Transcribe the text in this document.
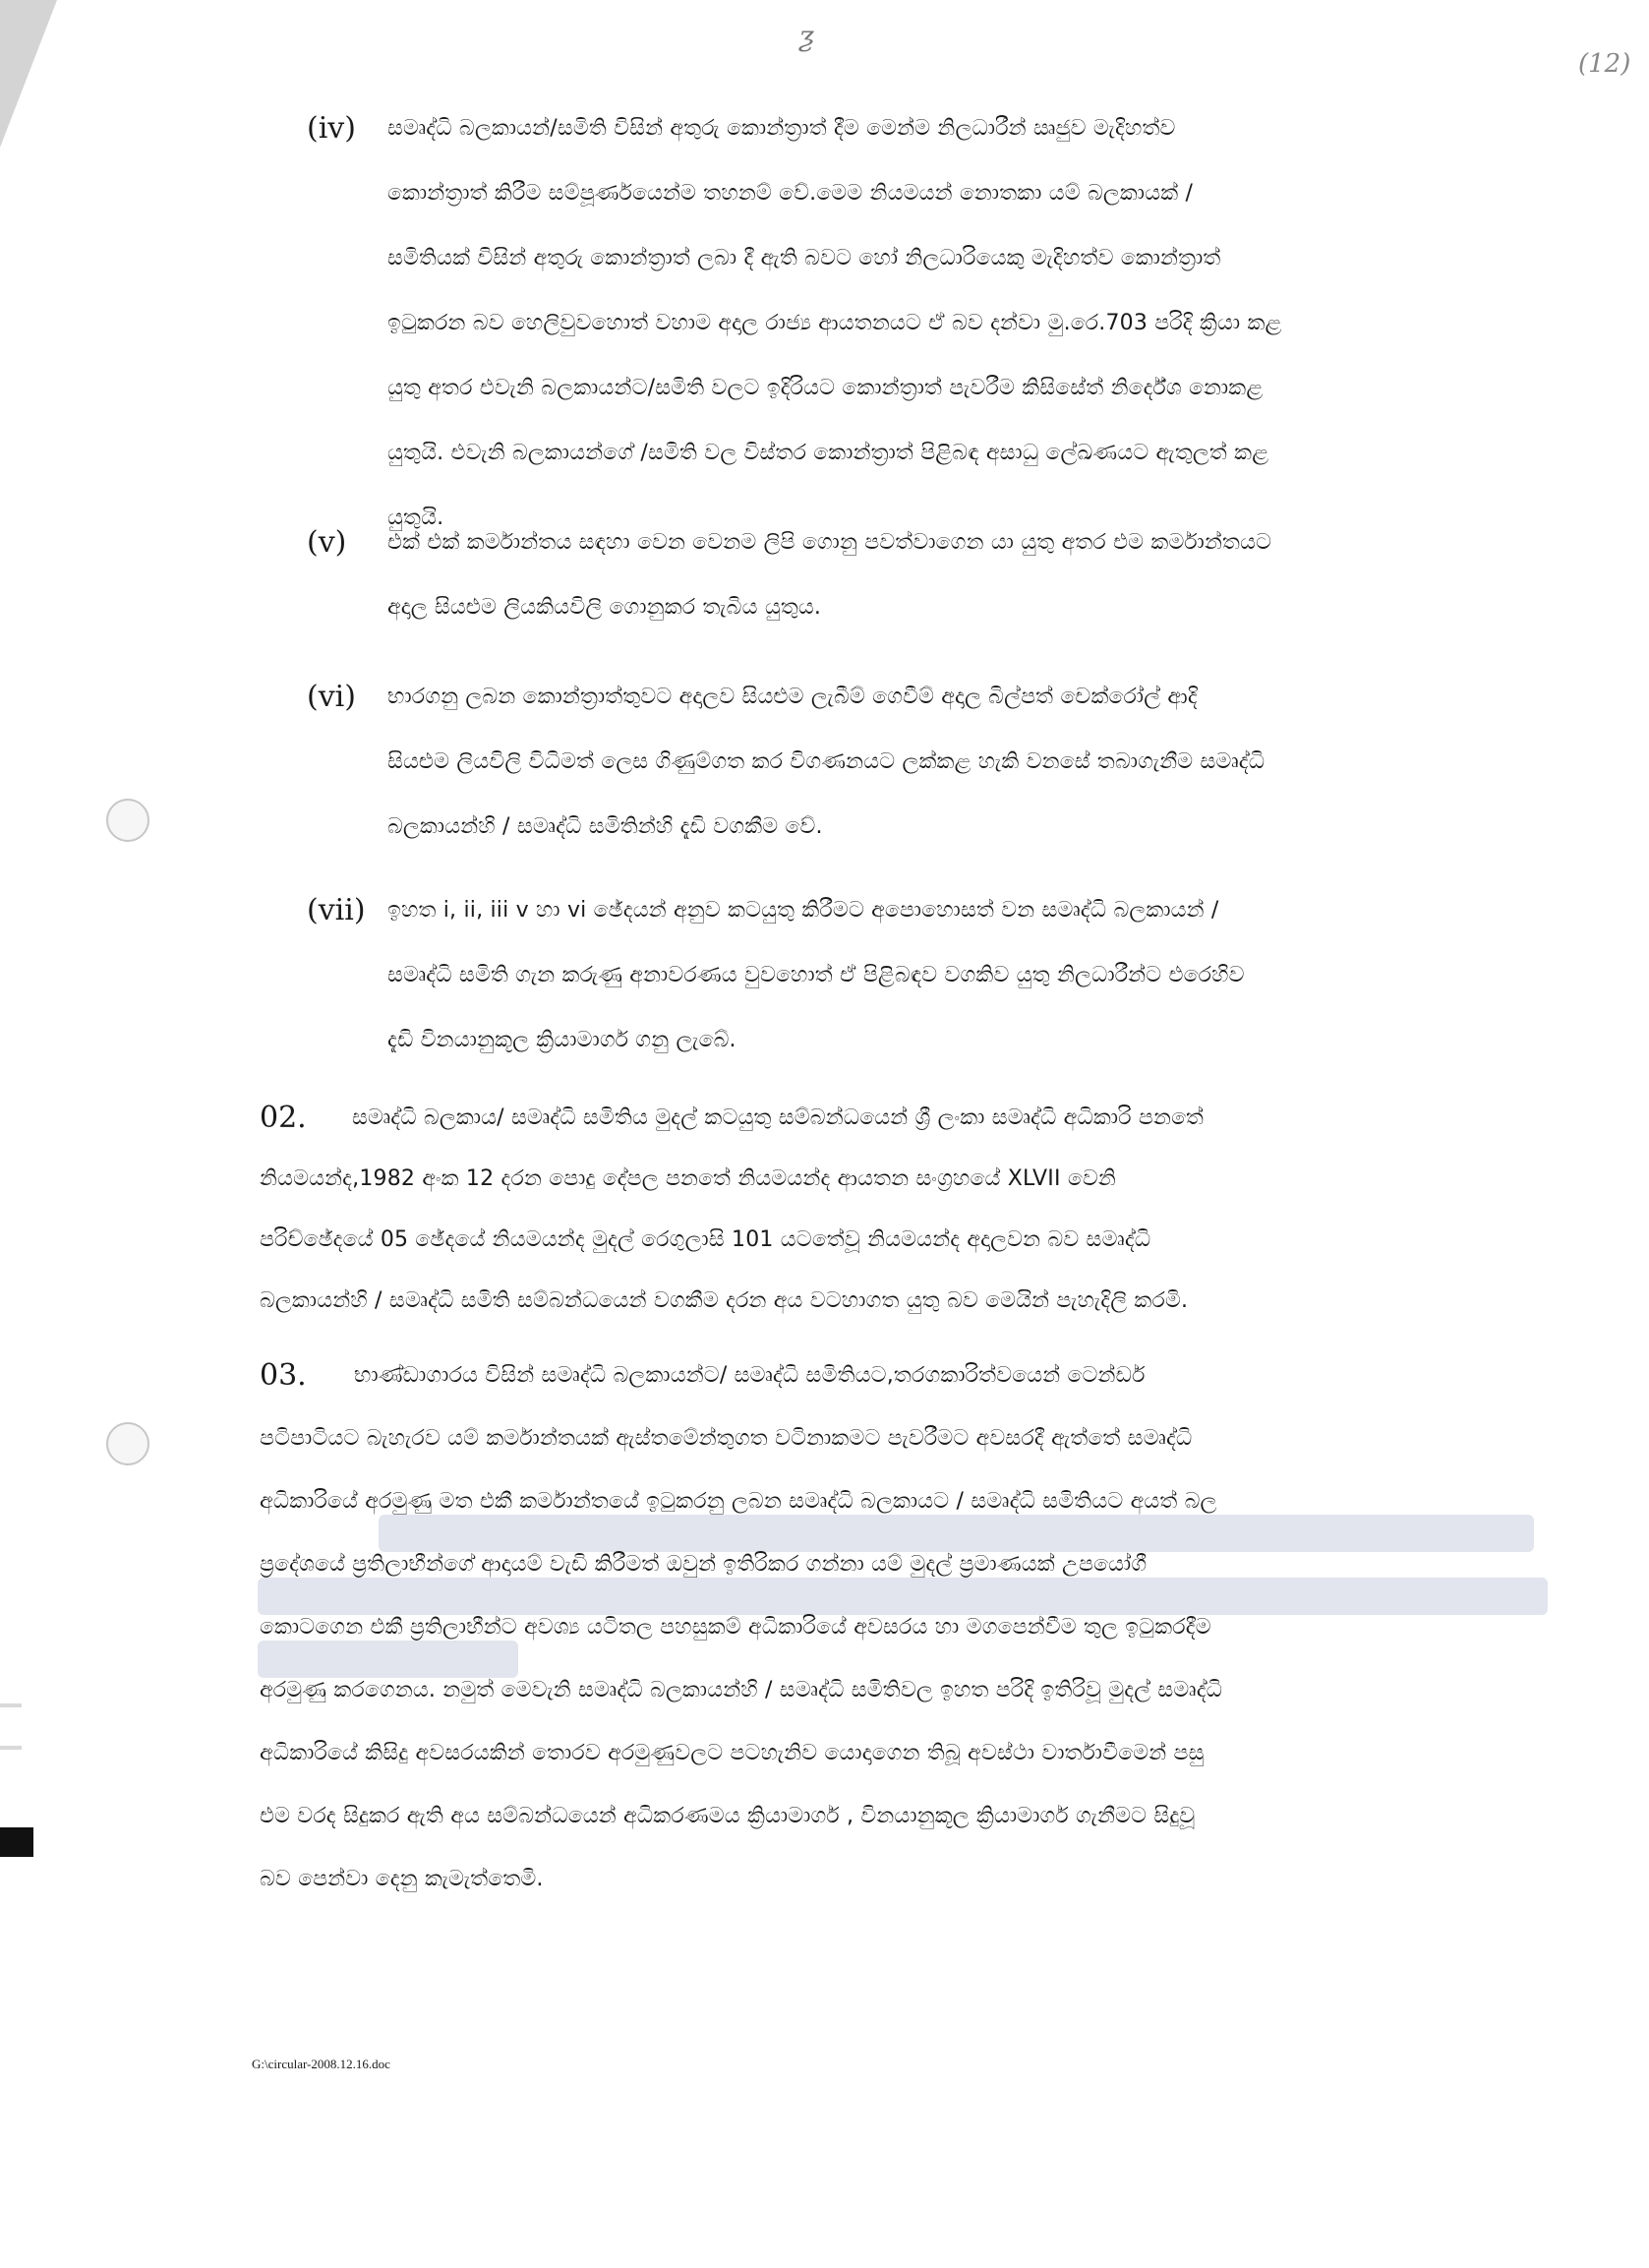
ƺ
(12)
(iv) සමෘද්ධි බලකායන්/සමිති විසින් අතුරු කොන්ත්‍රාත් දීම මෙන්ම නිලධාරීන් ඍජුව මැදිහත්ව
කොන්ත්‍රාත් කිරීම සම්පූර්ණයෙන්ම තහනම් වේ.මෙම නියමයන් නොතකා යම් බලකායක් /
සමිතියක් විසින් අතුරු කොන්ත්‍රාත් ලබා දී ඇති බවට හෝ නිලධාරියෙකු මැදිහත්ව කොන්ත්‍රාත්
ඉටුකරන බව හෙලිවුවහොත් වහාම අදාල රාජ්‍ය ආයතනයට ඒ බව දන්වා මු.රෙ.703 පරිදි ක්‍රියා කළ
යුතු අතර එවැනි බලකායන්ට/සමිති වලට ඉදිරියට කොන්ත්‍රාත් පැවරීම කිසිසේත් නිර්දේශ නොකළ
යුතුයි. එවැනි බලකායන්ගේ /සමිති වල විස්තර කොන්ත්‍රාත් පිළිබඳ අසාධු ලේඛණයට ඇතුලත් කළ
යුතුයි.
(v) එක් එක් කර්මාන්තය සඳහා වෙන වෙනම ලිපි ගොනු පවත්වාගෙන යා යුතු අතර එම කර්මාන්තයට
අදාල සියළුම ලියකියවිලි ගොනුකර තැබිය යුතුය.
(vi) භාරගනු ලබන කොන්ත්‍රාත්තුවට අදාලව සියළුම ලැබීම් ගෙවීම් අදාල බිල්පත් චෙක්රෝල් ආදි
සියළුම ලියවිලි විධිමත් ලෙස ගිණුම්ගත කර විගණනයට ලක්කළ හැකි වනසේ තබාගැනීම සමෘද්ධි
බලකායන්හි / සමෘද්ධි සමිතින්හි දැඩි වගකීම වේ.
(vii) ඉහත i, ii, iii v හා vi ඡේදයන් අනුව කටයුතු කිරීමට අපොහොසත් වන සමෘද්ධි බලකායන් /
සමෘද්ධි සමිති ගැන කරුණු අනාවරණය වුවහොත් ඒ පිළිබඳව වගකිව යුතු නිලධාරීන්ට එරෙහිව
දැඩි විනයානුකූල ක්‍රියාමාර්ග ගනු ලැබේ.
02.	සමෘද්ධි බලකාය/ සමෘද්ධි සමිතිය මුදල් කටයුතු සම්බන්ධයෙන් ශ්‍රී ලංකා සමෘද්ධි අධිකාරි පනතේ
නියමයන්ද,1982 අංක 12 දරන පොදු දේපල පනතේ නියමයන්ද ආයතන සංග්‍රහයේ XLVII වෙනි
පරිච්ඡේදයේ 05 ඡේදයේ නියමයන්ද මුදල් රෙගුලාසි 101 යටතේවූ නියමයන්ද අදාලවන බව සමෘද්ධි
බලකායන්හි / සමෘද්ධි සමිති සම්බන්ධයෙන් වගකීම දරන අය වටහාගත යුතු බව මෙයින් පැහැදිලි කරමි.
03.	භාණ්ඩාගාරය විසින් සමෘද්ධි බලකායන්ට/ සමෘද්ධි සමිතියට,තරගකාරිත්වයෙන් ටෙන්ඩර්
පටිපාටියට බැහැරව යම් කර්මාන්තයක් ඇස්තමේන්තුගත වටිනාකමට පැවරීමට අවසරදී ඇත්තේ සමෘද්ධි
අධිකාරියේ අරමුණු මත එකී කර්මාන්තයේ ඉටුකරනු ලබන සමෘද්ධි බලකායට / සමෘද්ධි සමිතියට අයත් බල
ප්‍රදේශයේ ප්‍රතිලාභීන්ගේ ආදායම් වැඩි කිරීමත් ඔවුන් ඉතිරිකර ගන්නා යම් මුදල් ප්‍රමාණයක් උපයෝගී
කොටගෙන එකී ප්‍රතිලාභීන්ට අවශ්‍ය යටිතල පහසුකම් අධිකාරියේ අවසරය හා මගපෙන්වීම තුල ඉටුකරදීම
අරමුණු කරගෙනය. නමුත් මෙවැනි සමෘද්ධි බලකායන්හි / සමෘද්ධි සමිතිවල ඉහත පරිදි ඉතිරිවූ මුදල් සමෘද්ධි
අධිකාරියේ කිසිදු අවසරයකින් තොරව අරමුණුවලට පටහැනිව යොදාගෙන තිබූ අවස්ථා වාර්තාවීමෙන් පසු
එම වරද සිදුකර ඇති අය සම්බන්ධයෙන් අධිකරණමය ක්‍රියාමාර්ග , විනයානුකූල ක්‍රියාමාර්ග ගැනීමට සිදුවූ
බව පෙන්වා දෙනු කැමැත්තෙමි.
G:\circular-2008.12.16.doc
